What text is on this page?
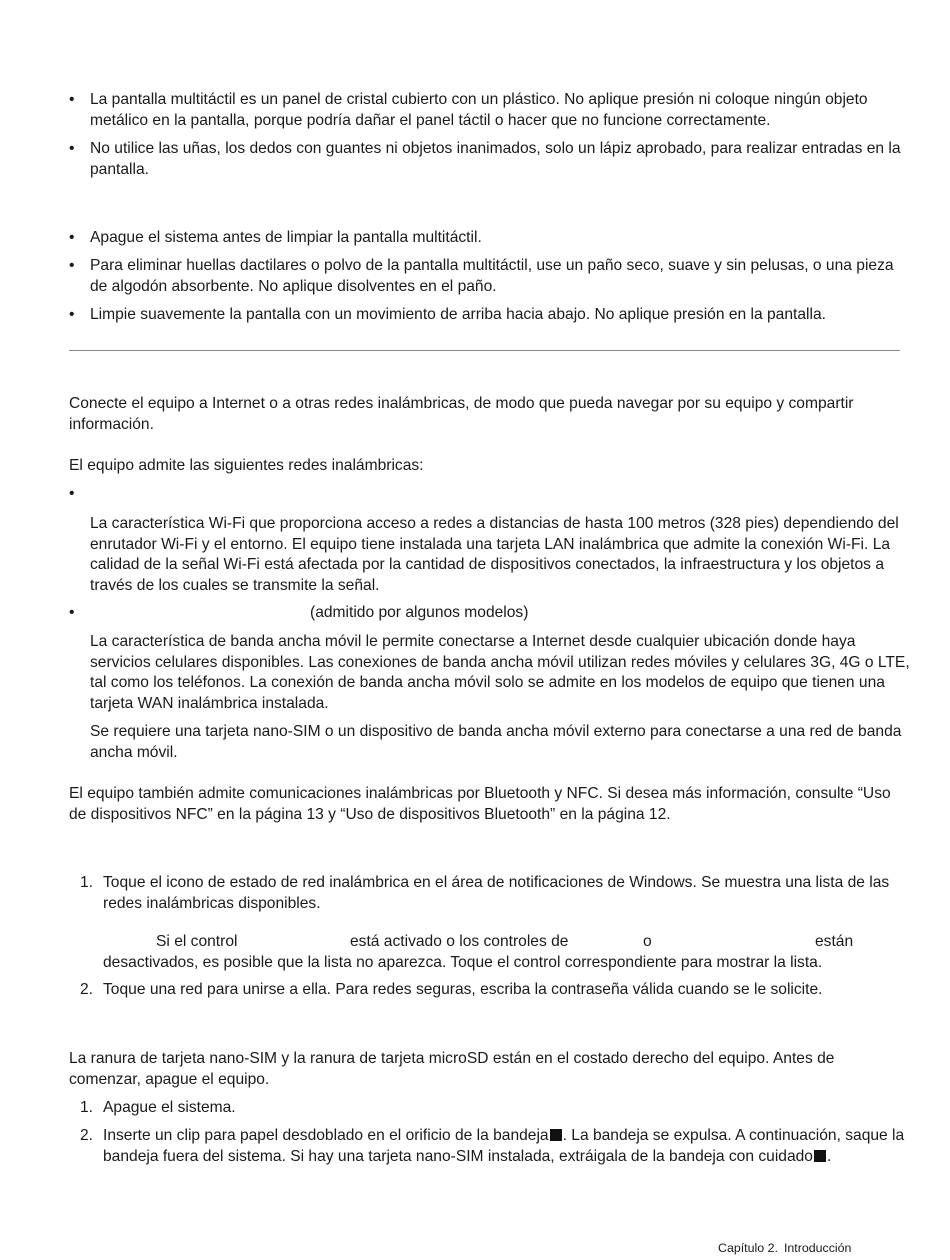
• La pantalla multitáctil es un panel de cristal cubierto con un plástico. No aplique presión ni coloque ningún objeto metálico en la pantalla, porque podría dañar el panel táctil o hacer que no funcione correctamente.
• No utilice las uñas, los dedos con guantes ni objetos inanimados, solo un lápiz aprobado, para realizar entradas en la pantalla.
• Apague el sistema antes de limpiar la pantalla multitáctil.
• Para eliminar huellas dactilares o polvo de la pantalla multitáctil, use un paño seco, suave y sin pelusas, o una pieza de algodón absorbente. No aplique disolventes en el paño.
• Limpie suavemente la pantalla con un movimiento de arriba hacia abajo. No aplique presión en la pantalla.
Conecte el equipo a Internet o a otras redes inalámbricas, de modo que pueda navegar por su equipo y compartir información.
El equipo admite las siguientes redes inalámbricas:
•
La característica Wi-Fi que proporciona acceso a redes a distancias de hasta 100 metros (328 pies) dependiendo del enrutador Wi-Fi y el entorno. El equipo tiene instalada una tarjeta LAN inalámbrica que admite la conexión Wi-Fi. La calidad de la señal Wi-Fi está afectada por la cantidad de dispositivos conectados, la infraestructura y los objetos a través de los cuales se transmite la señal.
•	(admitido por algunos modelos)
La característica de banda ancha móvil le permite conectarse a Internet desde cualquier ubicación donde haya servicios celulares disponibles. Las conexiones de banda ancha móvil utilizan redes móviles y celulares 3G, 4G o LTE, tal como los teléfonos. La conexión de banda ancha móvil solo se admite en los modelos de equipo que tienen una tarjeta WAN inalámbrica instalada.
Se requiere una tarjeta nano-SIM o un dispositivo de banda ancha móvil externo para conectarse a una red de banda ancha móvil.
El equipo también admite comunicaciones inalámbricas por Bluetooth y NFC. Si desea más información, consulte “Uso de dispositivos NFC” en la página 13 y “Uso de dispositivos Bluetooth” en la página 12.
1. Toque el icono de estado de red inalámbrica en el área de notificaciones de Windows. Se muestra una lista de las redes inalámbricas disponibles.
Si el control	está activado o los controles de	o	están
desactivados, es posible que la lista no aparezca. Toque el control correspondiente para mostrar la lista.
2. Toque una red para unirse a ella. Para redes seguras, escriba la contraseña válida cuando se le solicite.
La ranura de tarjeta nano-SIM y la ranura de tarjeta microSD están en el costado derecho del equipo. Antes de comenzar, apague el equipo.
1. Apague el sistema.
2. Inserte un clip para papel desdoblado en el orificio de la bandeja . La bandeja se expulsa. A continuación, saque la bandeja fuera del sistema. Si hay una tarjeta nano-SIM instalada, extráigala de la bandeja con cuidado .
Capítulo 2. Introducción
